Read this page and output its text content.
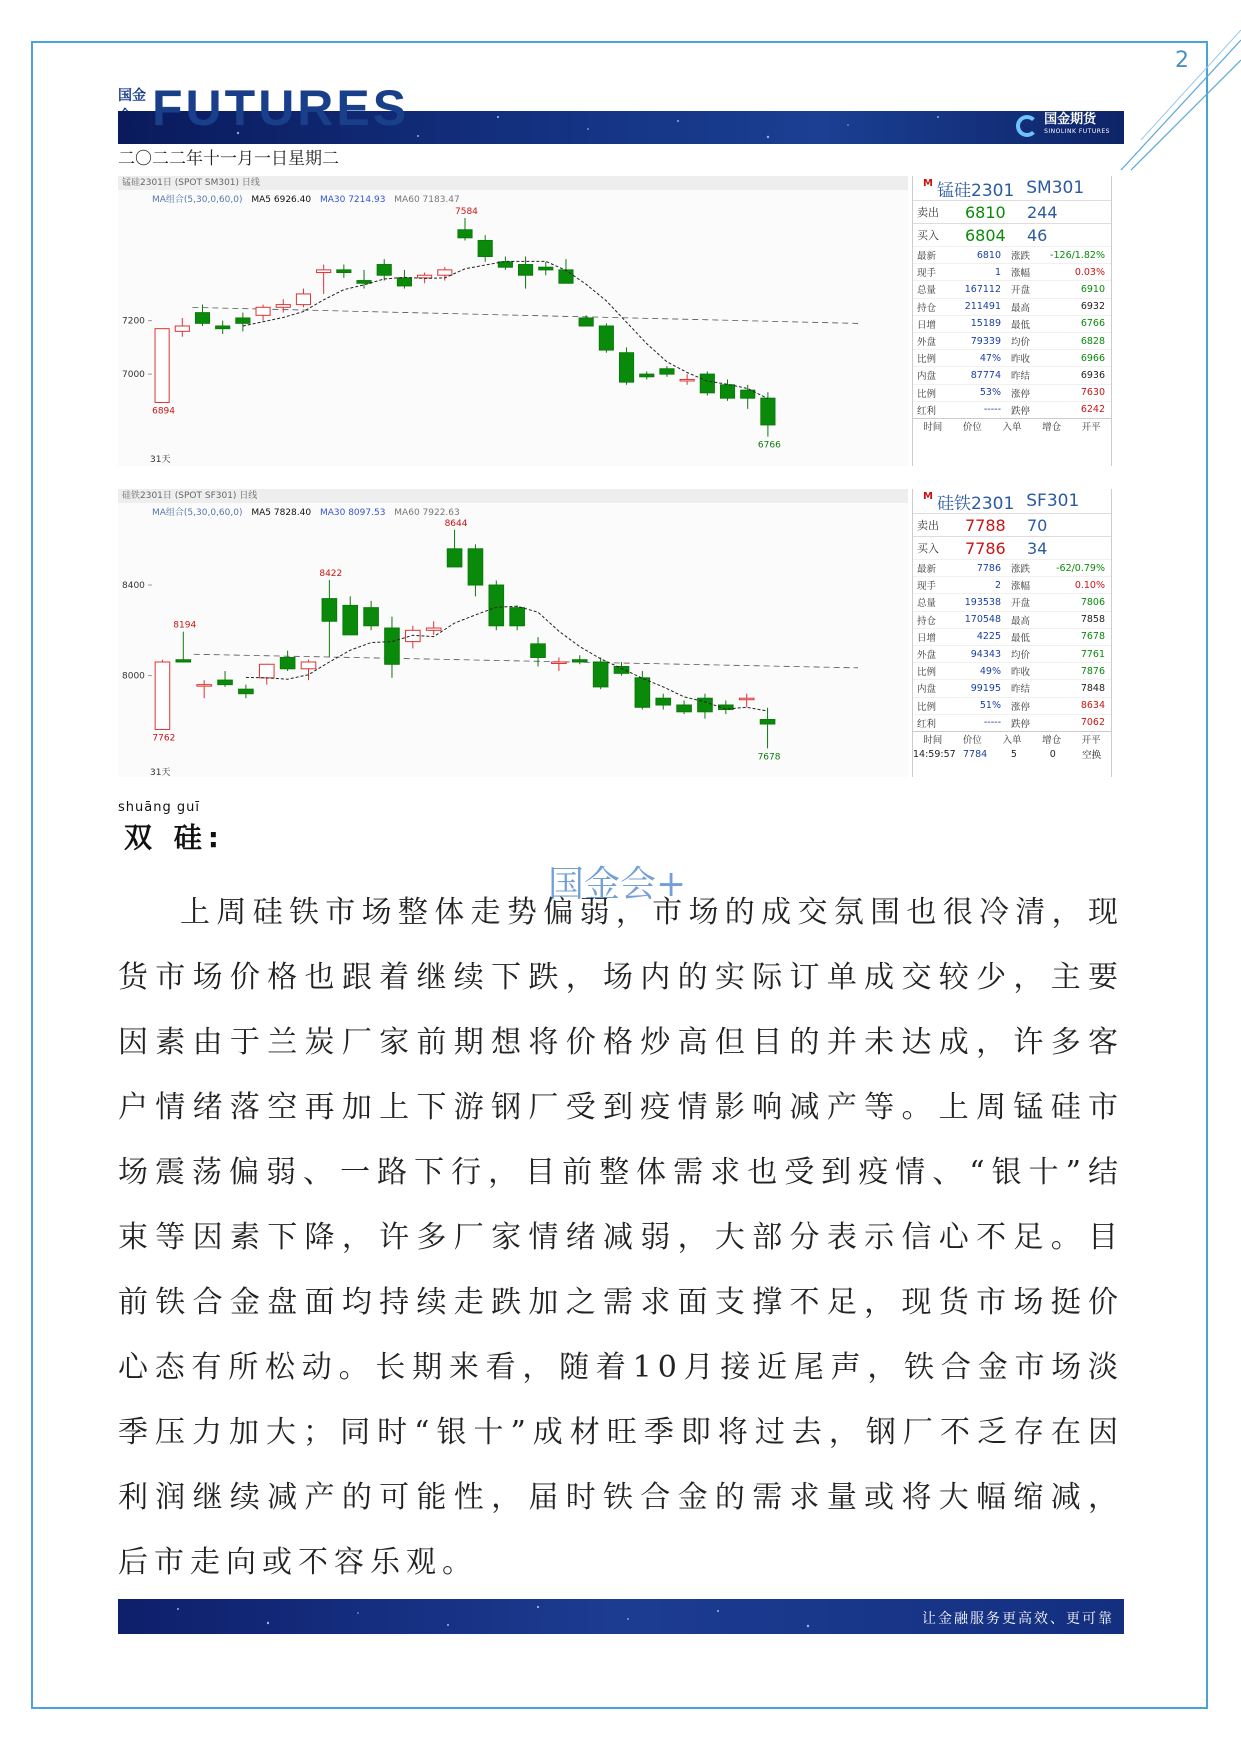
2
国金
国金期货
SINOLINK FUTURES
FUTURES
二〇二二年十一月一日星期二
7000
7200
7584
6894
6766
锰硅2301日 (SPOT SM301) 日线
MA组合(5,30,0,60,0) MA5 6926.40 MA30 7214.93 MA60 7183.47
31天
M 锰硅2301 SM301
卖出	6810	244
买入	6804	46
最新	6810	涨跌	-126/1.82%
现手	1	涨幅	0.03%
总量	167112	开盘	6910
持仓	211491	最高	6932
日增	15189	最低	6766
外盘	79339	均价	6828
比例	47%	昨收	6966
内盘	87774	昨结	6936
比例	53%	涨停	7630
红利	-----	跌停	6242
时间	价位	入单	增仓	开平
8000
8400
8644
8422
8194
7762
7678
硅铁2301日 (SPOT SF301) 日线
MA组合(5,30,0,60,0) MA5 7828.40 MA30 8097.53 MA60 7922.63
31天
M 硅铁2301 SF301
卖出	7788	70
买入	7786	34
最新	7786	涨跌	-62/0.79%
现手	2	涨幅	0.10%
总量	193538	开盘	7806
持仓	170548	最高	7858
日增	4225	最低	7678
外盘	94343	均价	7761
比例	49%	昨收	7876
内盘	99195	昨结	7848
比例	51%	涨停	8634
红利	-----	跌停	7062
时间	价位	入单	增仓	开平
14:59:57 7784	5	0	空换
shuāng guī
双 硅:
上周硅铁市场整体走势偏弱，市场的成交氛围也很冷清，现货市场价格也跟着继续下跌，场内的实际订单成交较少，主要因素由于兰炭厂家前期想将价格炒高但目的并未达成，许多客户情绪落空再加上下游钢厂受到疫情影响减产等。上周锰硅市场震荡偏弱、一路下行，目前整体需求也受到疫情、“银十”结束等因素下降，许多厂家情绪减弱，大部分表示信心不足。目前铁合金盘面均持续走跌加之需求面支撑不足，现货市场挺价心态有所松动。长期来看，随着10月接近尾声，铁合金市场淡季压力加大；同时“银十”成材旺季即将过去，钢厂不乏存在因利润继续减产的可能性，届时铁合金的需求量或将大幅缩减，后市走向或不容乐观。
国金会+
让金融服务更高效、更可靠
